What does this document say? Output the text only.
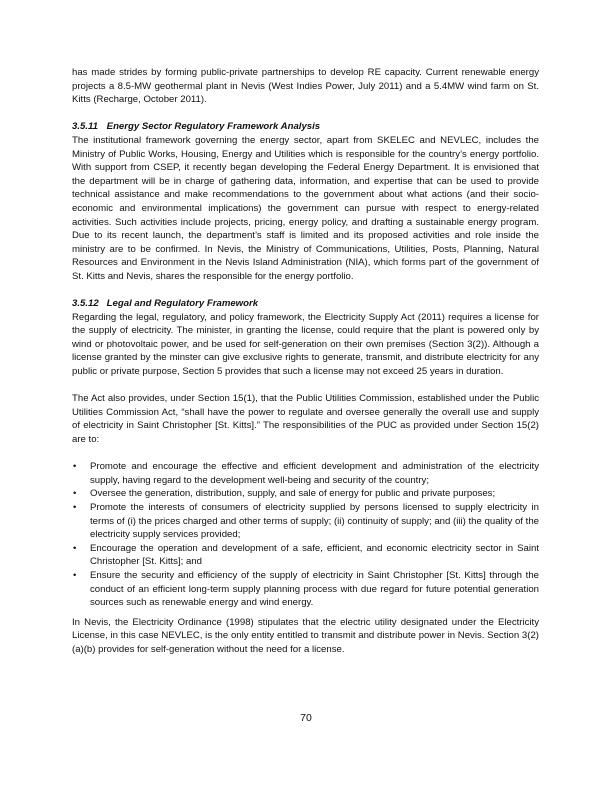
has made strides by forming public-private partnerships to develop RE capacity. Current renewable energy projects a 8.5-MW geothermal plant in Nevis (West Indies Power, July 2011) and a 5.4MW wind farm on St. Kitts (Recharge, October 2011).

3.5.11 Energy Sector Regulatory Framework Analysis

The institutional framework governing the energy sector, apart from SKELEC and NEVLEC, includes the Ministry of Public Works, Housing, Energy and Utilities which is responsible for the country’s energy portfolio. With support from CSEP, it recently began developing the Federal Energy Department. It is envisioned that the department will be in charge of gathering data, information, and expertise that can be used to provide technical assistance and make recommendations to the government about what actions (and their socio-economic and environmental implications) the government can pursue with respect to energy-related activities. Such activities include projects, pricing, energy policy, and drafting a sustainable energy program. Due to its recent launch, the department’s staff is limited and its proposed activities and role inside the ministry are to be confirmed. In Nevis, the Ministry of Communications, Utilities, Posts, Planning, Natural Resources and Environment in the Nevis Island Administration (NIA), which forms part of the government of St. Kitts and Nevis, shares the responsible for the energy portfolio.

3.5.12 Legal and Regulatory Framework

Regarding the legal, regulatory, and policy framework, the Electricity Supply Act (2011) requires a license for the supply of electricity. The minister, in granting the license, could require that the plant is powered only by wind or photovoltaic power, and be used for self-generation on their own premises (Section 3(2)). Although a license granted by the minster can give exclusive rights to generate, transmit, and distribute electricity for any public or private purpose, Section 5 provides that such a license may not exceed 25 years in duration.

The Act also provides, under Section 15(1), that the Public Utilities Commission, established under the Public Utilities Commission Act, “shall have the power to regulate and oversee generally the overall use and supply of electricity in Saint Christopher [St. Kitts].” The responsibilities of the PUC as provided under Section 15(2) are to:

• Promote and encourage the effective and efficient development and administration of the electricity supply, having regard to the development well-being and security of the country;
• Oversee the generation, distribution, supply, and sale of energy for public and private purposes;
• Promote the interests of consumers of electricity supplied by persons licensed to supply electricity in terms of (i) the prices charged and other terms of supply; (ii) continuity of supply; and (iii) the quality of the electricity supply services provided;
• Encourage the operation and development of a safe, efficient, and economic electricity sector in Saint Christopher [St. Kitts]; and
• Ensure the security and efficiency of the supply of electricity in Saint Christopher [St. Kitts] through the conduct of an efficient long-term supply planning process with due regard for future potential generation sources such as renewable energy and wind energy.

In Nevis, the Electricity Ordinance (1998) stipulates that the electric utility designated under the Electricity License, in this case NEVLEC, is the only entity entitled to transmit and distribute power in Nevis. Section 3(2)(a)(b) provides for self-generation without the need for a license.

70
